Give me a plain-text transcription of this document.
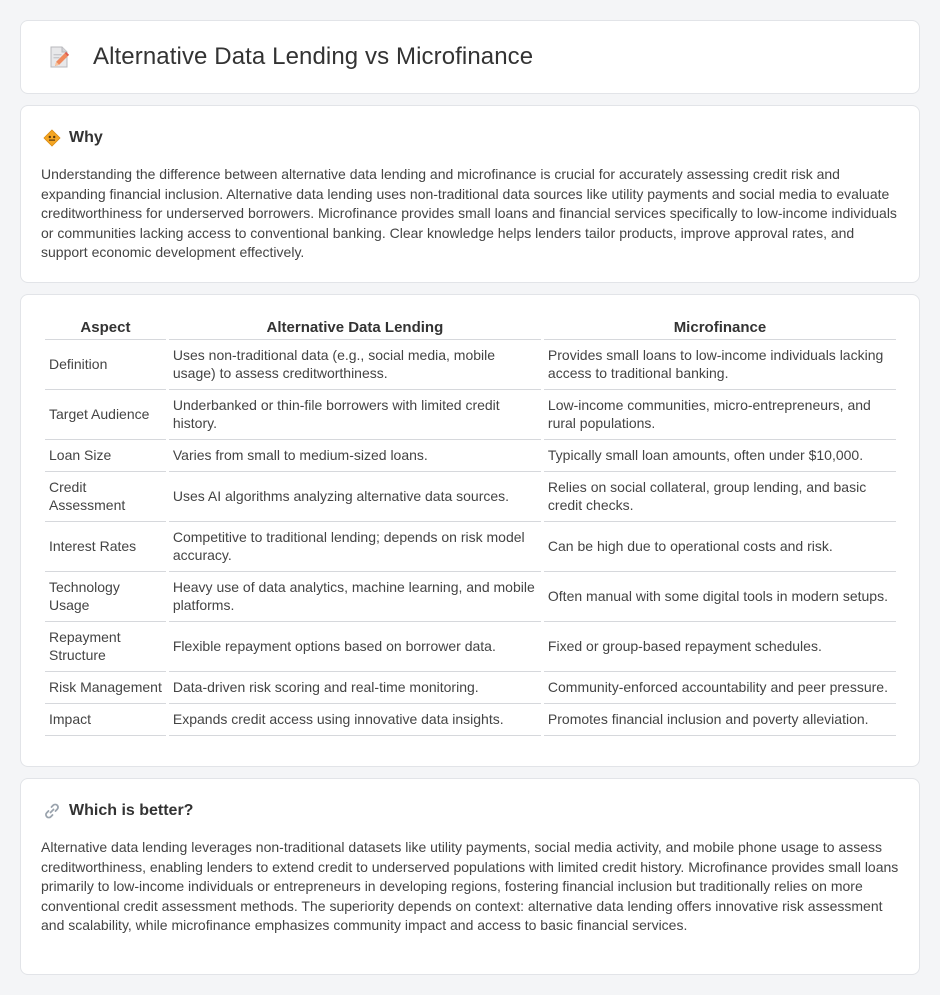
Alternative Data Lending vs Microfinance
Why

Understanding the difference between alternative data lending and microfinance is crucial for accurately assessing credit risk and expanding financial inclusion. Alternative data lending uses non-traditional data sources like utility payments and social media to evaluate creditworthiness for underserved borrowers. Microfinance provides small loans and financial services specifically to low-income individuals or communities lacking access to conventional banking. Clear knowledge helps lenders tailor products, improve approval rates, and support economic development effectively.

Aspect	Alternative Data Lending	Microfinance
Definition	Uses non-traditional data (e.g., social media, mobile usage) to assess creditworthiness.	Provides small loans to low-income individuals lacking access to traditional banking.
Target Audience	Underbanked or thin-file borrowers with limited credit history.	Low-income communities, micro-entrepreneurs, and rural populations.
Loan Size	Varies from small to medium-sized loans.	Typically small loan amounts, often under $10,000.
Credit Assessment	Uses AI algorithms analyzing alternative data sources.	Relies on social collateral, group lending, and basic credit checks.
Interest Rates	Competitive to traditional lending; depends on risk model accuracy.	Can be high due to operational costs and risk.
Technology Usage	Heavy use of data analytics, machine learning, and mobile platforms.	Often manual with some digital tools in modern setups.
Repayment Structure	Flexible repayment options based on borrower data.	Fixed or group-based repayment schedules.
Risk Management	Data-driven risk scoring and real-time monitoring.	Community-enforced accountability and peer pressure.
Impact	Expands credit access using innovative data insights.	Promotes financial inclusion and poverty alleviation.
Which is better?

Alternative data lending leverages non-traditional datasets like utility payments, social media activity, and mobile phone usage to assess creditworthiness, enabling lenders to extend credit to underserved populations with limited credit history. Microfinance provides small loans primarily to low-income individuals or entrepreneurs in developing regions, fostering financial inclusion but traditionally relies on more conventional credit assessment methods. The superiority depends on context: alternative data lending offers innovative risk assessment and scalability, while microfinance emphasizes community impact and access to basic financial services.
